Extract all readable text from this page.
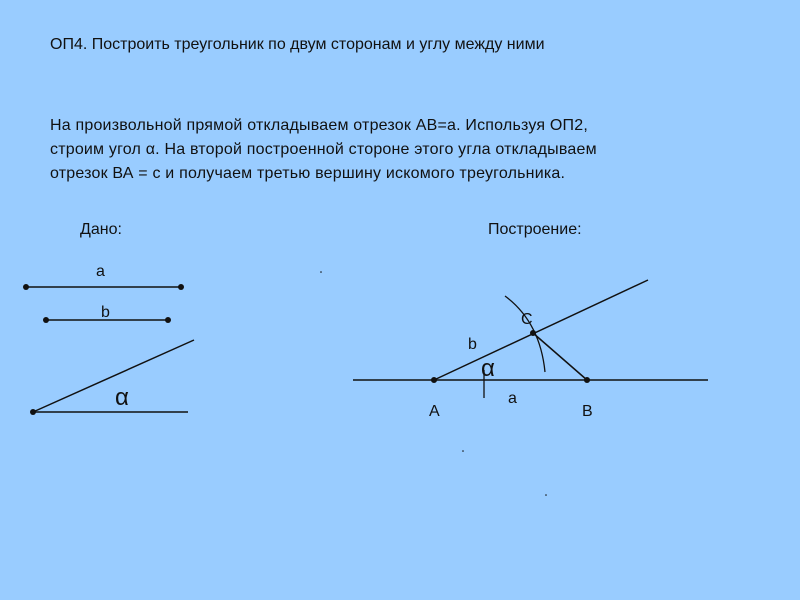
ОП4. Построить треугольник по двум сторонам и углу между ними
На произвольной прямой откладываем отрезок АВ=а. Используя ОП2,
строим угол α. На второй построенной стороне этого угла откладываем
отрезок ВА = с и получаем третью вершину искомого треугольника.
Дано:	Построение:
a
b
α
A	B
C
a
b
α
